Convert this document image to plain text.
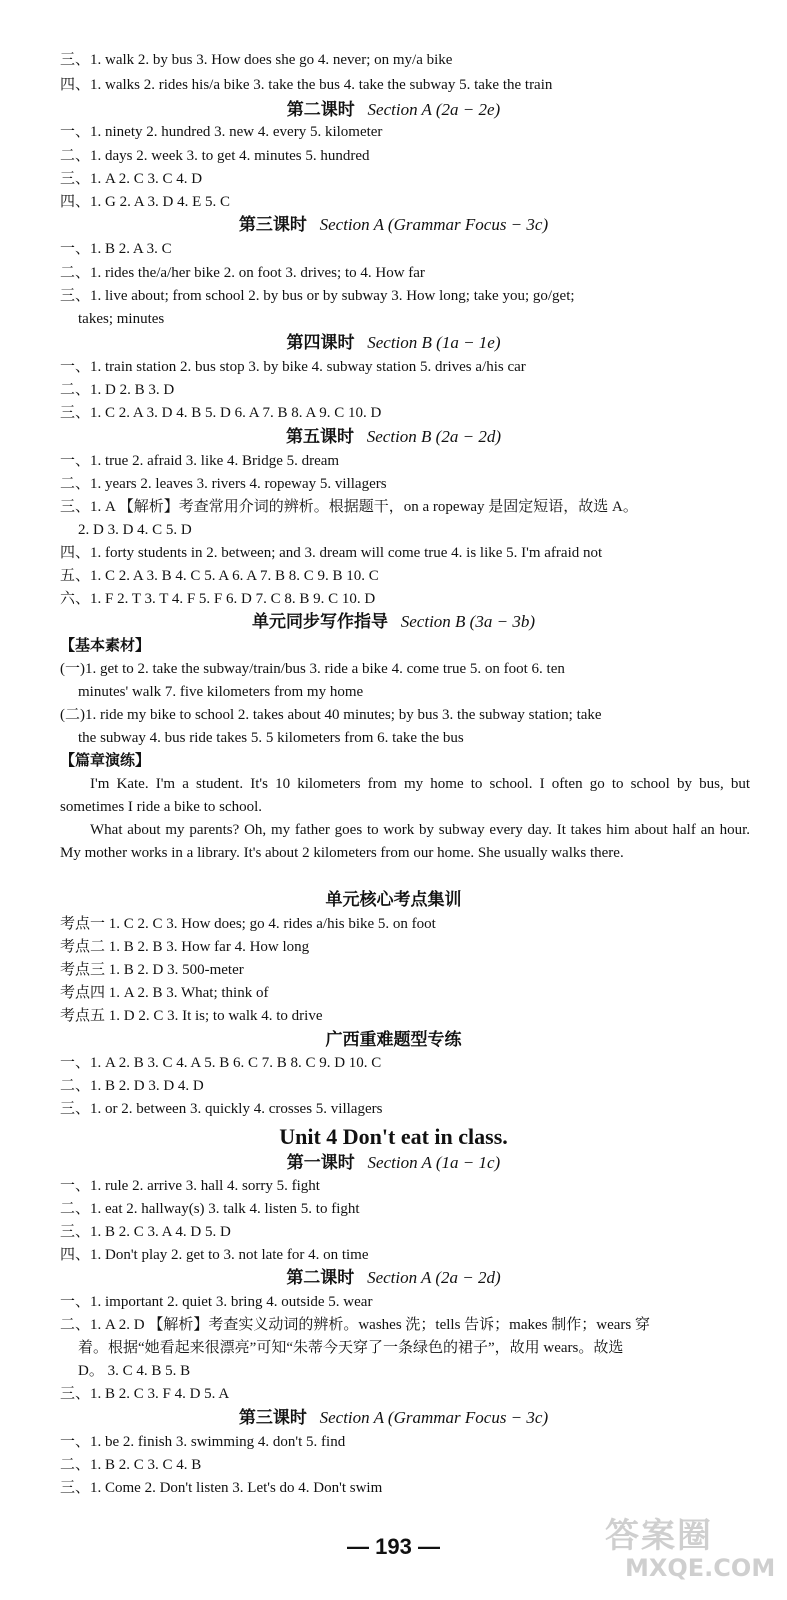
三、1. walk 2. by bus 3. How does she go 4. never; on my/a bike
四、1. walks 2. rides his/a bike 3. take the bus 4. take the subway 5. take the train
第二课时 Section A (2a − 2e)
一、1. ninety 2. hundred 3. new 4. every 5. kilometer
二、1. days 2. week 3. to get 4. minutes 5. hundred
三、1. A 2. C 3. C 4. D
四、1. G 2. A 3. D 4. E 5. C
第三课时 Section A (Grammar Focus − 3c)
一、1. B 2. A 3. C
二、1. rides the/a/her bike 2. on foot 3. drives; to 4. How far
三、1. live about; from school 2. by bus or by subway 3. How long; take you; go/get;
takes; minutes
第四课时 Section B (1a − 1e)
一、1. train station 2. bus stop 3. by bike 4. subway station 5. drives a/his car
二、1. D 2. B 3. D
三、1. C 2. A 3. D 4. B 5. D 6. A 7. B 8. A 9. C 10. D
第五课时 Section B (2a − 2d)
一、1. true 2. afraid 3. like 4. Bridge 5. dream
二、1. years 2. leaves 3. rivers 4. ropeway 5. villagers
三、1. A 【解析】考查常用介词的辨析。根据题干，on a ropeway 是固定短语，故选 A。
2. D 3. D 4. C 5. D
四、1. forty students in 2. between; and 3. dream will come true 4. is like 5. I'm afraid not
五、1. C 2. A 3. B 4. C 5. A 6. A 7. B 8. C 9. B 10. C
六、1. F 2. T 3. T 4. F 5. F 6. D 7. C 8. B 9. C 10. D
单元同步写作指导 Section B (3a − 3b)
【基本素材】
(一)1. get to 2. take the subway/train/bus 3. ride a bike 4. come true 5. on foot 6. ten
minutes' walk 7. five kilometers from my home
(二)1. ride my bike to school 2. takes about 40 minutes; by bus 3. the subway station; take
the subway 4. bus ride takes 5. 5 kilometers from 6. take the bus
【篇章演练】
I'm Kate. I'm a student. It's 10 kilometers from my home to school. I often go to school by bus, but sometimes I ride a bike to school.
What about my parents? Oh, my father goes to work by subway every day. It takes him about half an hour. My mother works in a library. It's about 2 kilometers from our home. She usually walks there.
单元核心考点集训
考点一 1. C 2. C 3. How does; go 4. rides a/his bike 5. on foot
考点二 1. B 2. B 3. How far 4. How long
考点三 1. B 2. D 3. 500-meter
考点四 1. A 2. B 3. What; think of
考点五 1. D 2. C 3. It is; to walk 4. to drive
广西重难题型专练
一、1. A 2. B 3. C 4. A 5. B 6. C 7. B 8. C 9. D 10. C
二、1. B 2. D 3. D 4. D
三、1. or 2. between 3. quickly 4. crosses 5. villagers
Unit 4 Don't eat in class.
第一课时 Section A (1a − 1c)
一、1. rule 2. arrive 3. hall 4. sorry 5. fight
二、1. eat 2. hallway(s) 3. talk 4. listen 5. to fight
三、1. B 2. C 3. A 4. D 5. D
四、1. Don't play 2. get to 3. not late for 4. on time
第二课时 Section A (2a − 2d)
一、1. important 2. quiet 3. bring 4. outside 5. wear
二、1. A 2. D 【解析】考查实义动词的辨析。washes 洗；tells 告诉；makes 制作；wears 穿
着。根据“她看起来很漂亮”可知“朱蒂今天穿了一条绿色的裙子”，故用 wears。故选
D。 3. C 4. B 5. B
三、1. B 2. C 3. F 4. D 5. A
第三课时 Section A (Grammar Focus − 3c)
一、1. be 2. finish 3. swimming 4. don't 5. find
二、1. B 2. C 3. C 4. B
三、1. Come 2. Don't listen 3. Let's do 4. Don't swim
— 193 —	答案圈
MXQE.COM
